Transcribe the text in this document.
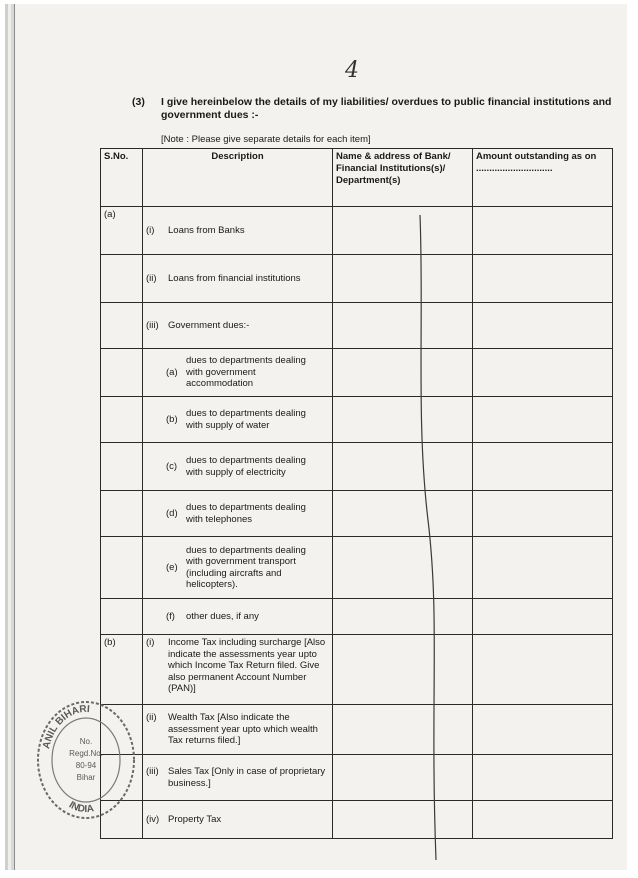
4
(3) I give hereinbelow the details of my liabilities/ overdues to public financial institutions and government dues :-
[Note : Please give separate details for each item]
S.No.	Description	Name & address of Bank/ Financial Institutions(s)/ Department(s)	Amount outstanding as on .............................
(a)	(i) Loans from Banks		
	(ii) Loans from financial institutions		
	(iii) Government dues:-		
	(a)dues to departments dealing with government accommodation		
	(b)dues to departments dealing with supply of water		
	(c)dues to departments dealing with supply of electricity		
	(d)dues to departments dealing with telephones		
	(e)dues to departments dealing with government transport (including aircrafts and helicopters).		
	(f) other dues, if any		
(b)	(i) Income Tax including surcharge [Also indicate the assessments year upto which Income Tax Return filed. Give also permanent Account Number (PAN)]		
	(ii) Wealth Tax [Also indicate the assessment year upto which wealth Tax returns filed.]		
	(iii) Sales Tax [Only in case of proprietary business.]		
	(iv) Property Tax		
ANIL BIHARI
INDIA
No.
Regd.No.
80-94
Bihar
